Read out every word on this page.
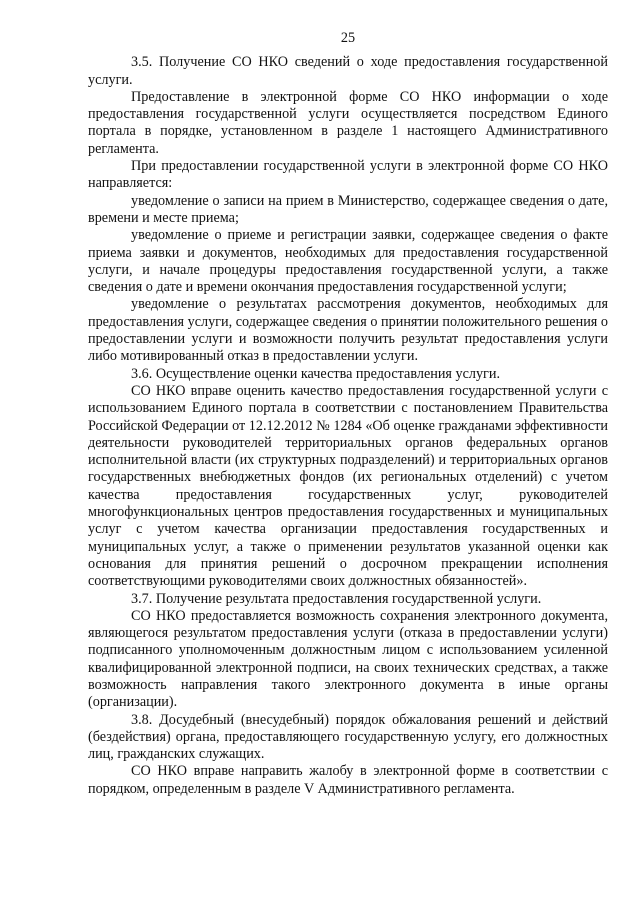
25

3.5. Получение СО НКО сведений о ходе предоставления государственной услуги.

Предоставление в электронной форме СО НКО информации о ходе предоставления государственной услуги осуществляется посредством Единого портала в порядке, установленном в разделе 1 настоящего Административного регламента.

При предоставлении государственной услуги в электронной форме СО НКО направляется:

уведомление о записи на прием в Министерство, содержащее сведения о дате, времени и месте приема;

уведомление о приеме и регистрации заявки, содержащее сведения о факте приема заявки и документов, необходимых для предоставления государственной услуги, и начале процедуры предоставления государственной услуги, а также сведения о дате и времени окончания предоставления государственной услуги;

уведомление о результатах рассмотрения документов, необходимых для предоставления услуги, содержащее сведения о принятии положительного решения о предоставлении услуги и возможности получить результат предоставления услуги либо мотивированный отказ в предоставлении услуги.

3.6. Осуществление оценки качества предоставления услуги.

СО НКО вправе оценить качество предоставления государственной услуги с использованием Единого портала в соответствии с постановлением Правительства Российской Федерации от 12.12.2012 № 1284 «Об оценке гражданами эффективности деятельности руководителей территориальных органов федеральных органов исполнительной власти (их структурных подразделений) и территориальных органов государственных внебюджетных фондов (их региональных отделений) с учетом качества предоставления государственных услуг, руководителей многофункциональных центров предоставления государственных и муниципальных услуг с учетом качества организации предоставления государственных и муниципальных услуг, а также о применении результатов указанной оценки как основания для принятия решений о досрочном прекращении исполнения соответствующими руководителями своих должностных обязанностей».

3.7. Получение результата предоставления государственной услуги.

СО НКО предоставляется возможность сохранения электронного документа, являющегося результатом предоставления услуги (отказа в предоставлении услуги) подписанного уполномоченным должностным лицом с использованием усиленной квалифицированной электронной подписи, на своих технических средствах, а также возможность направления такого электронного документа в иные органы (организации).

3.8. Досудебный (внесудебный) порядок обжалования решений и действий (бездействия) органа, предоставляющего государственную услугу, его должностных лиц, гражданских служащих.

СО НКО вправе направить жалобу в электронной форме в соответствии с порядком, определенным в разделе V Административного регламента.
